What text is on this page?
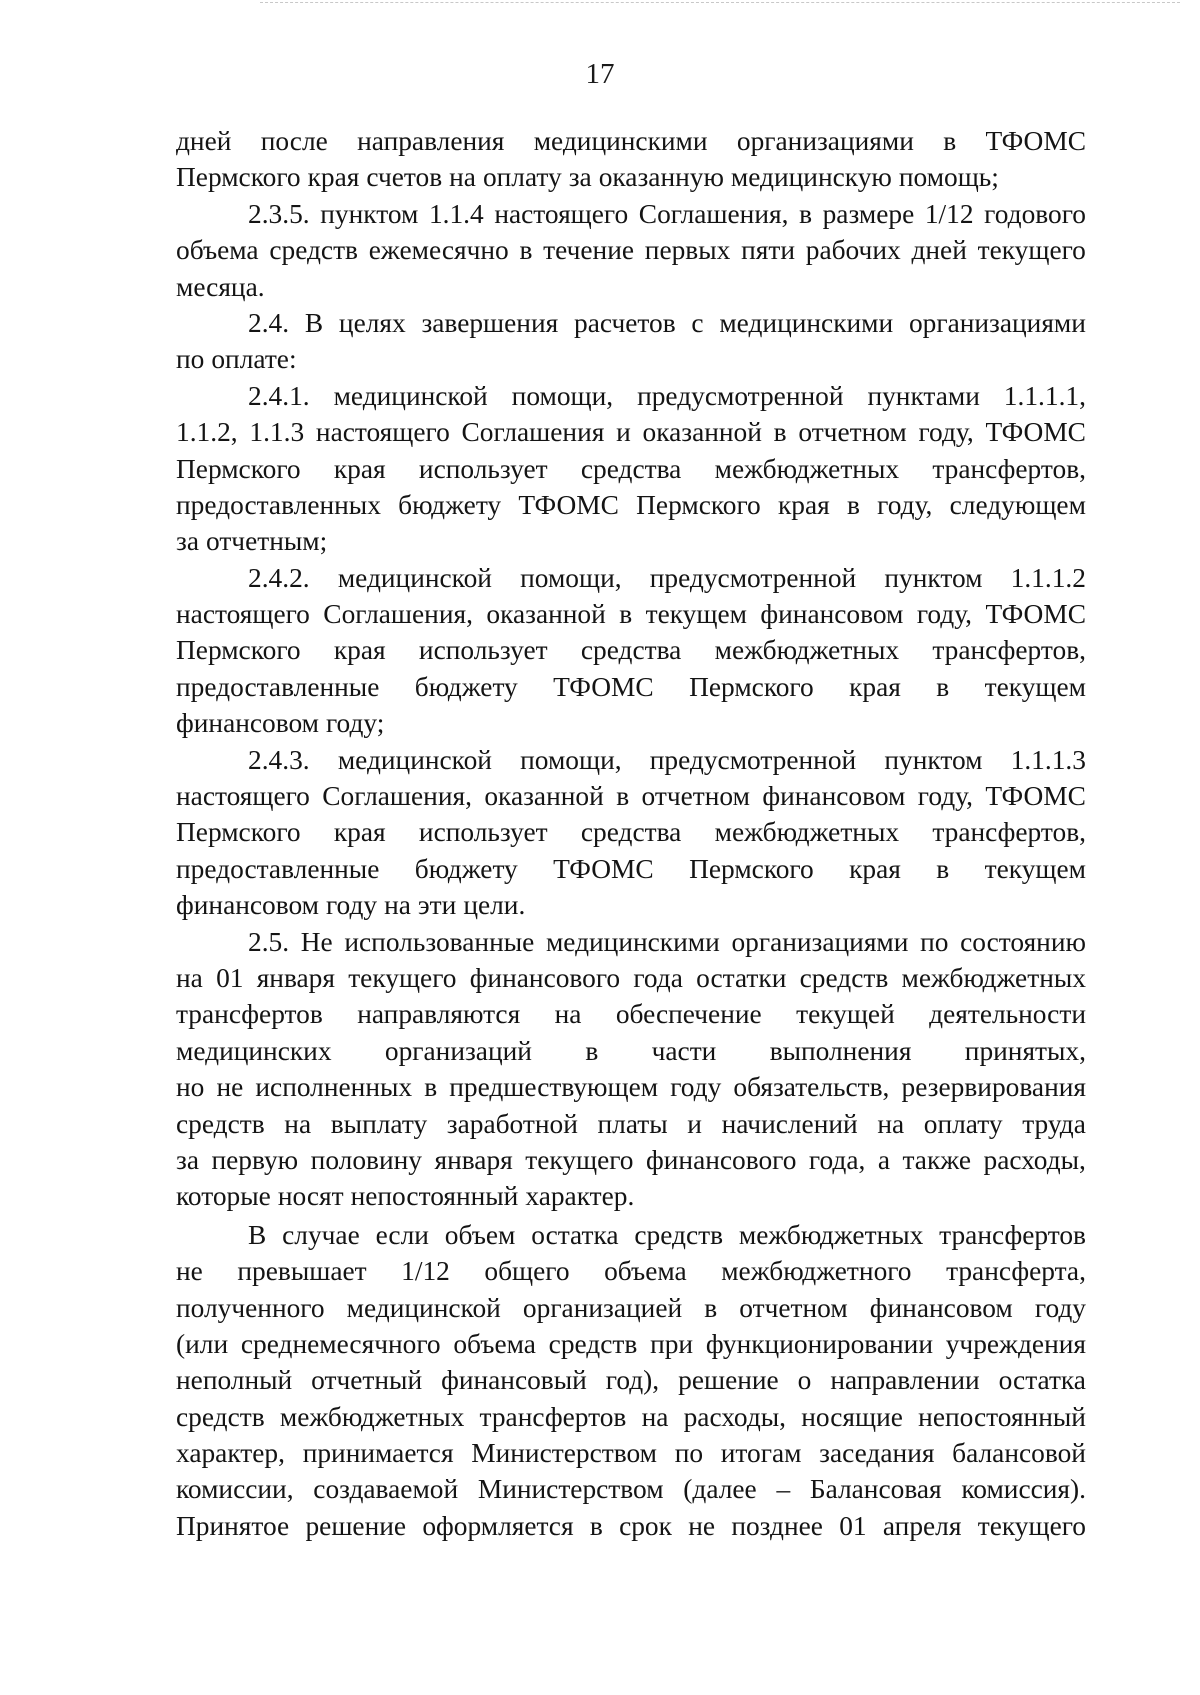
17
дней после направления медицинскими организациями в ТФОМС
Пермского края счетов на оплату за оказанную медицинскую помощь;
2.3.5. пунктом 1.1.4 настоящего Соглашения, в размере 1/12 годового
объема средств ежемесячно в течение первых пяти рабочих дней текущего
месяца.
2.4. В целях завершения расчетов с медицинскими организациями
по оплате:
2.4.1. медицинской помощи, предусмотренной пунктами 1.1.1.1,
1.1.2, 1.1.3 настоящего Соглашения и оказанной в отчетном году, ТФОМС
Пермского края использует средства межбюджетных трансфертов,
предоставленных бюджету ТФОМС Пермского края в году, следующем
за отчетным;
2.4.2. медицинской помощи, предусмотренной пунктом 1.1.1.2
настоящего Соглашения, оказанной в текущем финансовом году, ТФОМС
Пермского края использует средства межбюджетных трансфертов,
предоставленные бюджету ТФОМС Пермского края в текущем
финансовом году;
2.4.3. медицинской помощи, предусмотренной пунктом 1.1.1.3
настоящего Соглашения, оказанной в отчетном финансовом году, ТФОМС
Пермского края использует средства межбюджетных трансфертов,
предоставленные бюджету ТФОМС Пермского края в текущем
финансовом году на эти цели.
2.5. Не использованные медицинскими организациями по состоянию
на 01 января текущего финансового года остатки средств межбюджетных
трансфертов направляются на обеспечение текущей деятельности
медицинских организаций в части выполнения принятых,
но не исполненных в предшествующем году обязательств, резервирования
средств на выплату заработной платы и начислений на оплату труда
за первую половину января текущего финансового года, а также расходы,
которые носят непостоянный характер.
В случае если объем остатка средств межбюджетных трансфертов
не превышает 1/12 общего объема межбюджетного трансферта,
полученного медицинской организацией в отчетном финансовом году
(или среднемесячного объема средств при функционировании учреждения
неполный отчетный финансовый год), решение о направлении остатка
средств межбюджетных трансфертов на расходы, носящие непостоянный
характер, принимается Министерством по итогам заседания балансовой
комиссии, создаваемой Министерством (далее – Балансовая комиссия).
Принятое решение оформляется в срок не позднее 01 апреля текущего
